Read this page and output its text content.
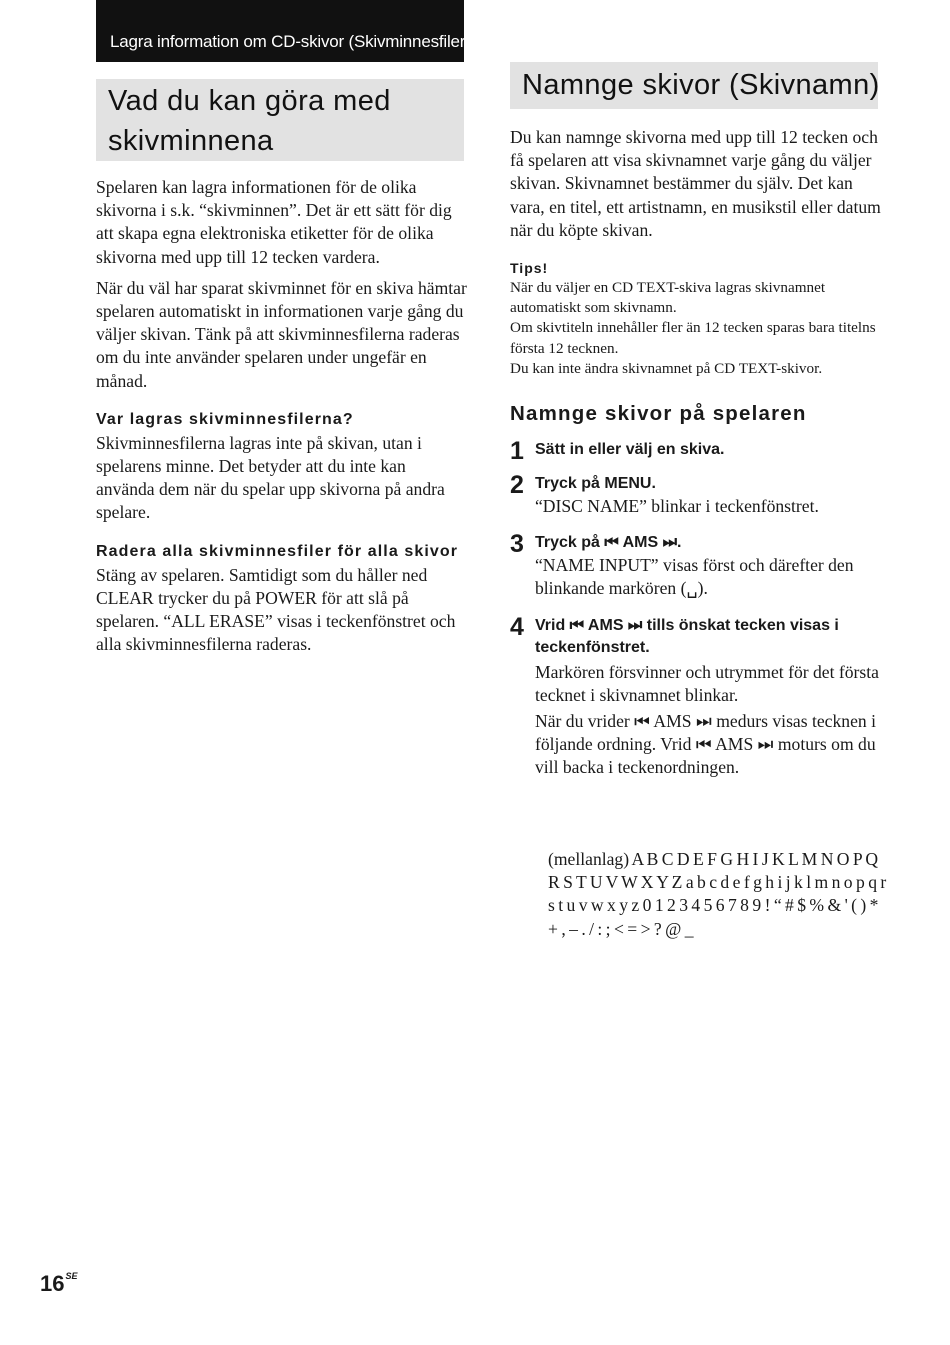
Lagra information om CD-skivor (Skivminnesfiler)
Vad du kan göra med skivminnena

Spelaren kan lagra informationen för de olika skivorna i s.k. “skivminnen”. Det är ett sätt för dig att skapa egna elektroniska etiketter för de olika skivorna med upp till 12 tecken vardera.

När du väl har sparat skivminnet för en skiva hämtar spelaren automatiskt in informationen varje gång du väljer skivan. Tänk på att skivminnesfilerna raderas om du inte använder spelaren under ungefär en månad.

Var lagras skivminnesfilerna?

Skivminnesfilerna lagras inte på skivan, utan i spelarens minne. Det betyder att du inte kan använda dem när du spelar upp skivorna på andra spelare.

Radera alla skivminnesfiler för alla skivor

Stäng av spelaren. Samtidigt som du håller ned CLEAR trycker du på POWER för att slå på spelaren. “ALL ERASE” visas i teckenfönstret och alla skivminnesfilerna raderas.

Namnge skivor (Skivnamn)

Du kan namnge skivorna med upp till 12 tecken och få spelaren att visa skivnamnet varje gång du väljer skivan. Skivnamnet bestämmer du själv. Det kan vara, en titel, ett artistnamn, en musikstil eller datum när du köpte skivan.

Tips!

När du väljer en CD TEXT-skiva lagras skivnamnet automatiskt som skivnamn.

Om skivtiteln innehåller fler än 12 tecken sparas bara titelns första 12 tecknen.

Du kan inte ändra skivnamnet på CD TEXT-skivor.

Namnge skivor på spelaren
1 Sätt in eller välj en skiva.
2 Tryck på MENU.

“DISC NAME” blinkar i teckenfönstret.

3 Tryck på ⏮ AMS ⏭.

“NAME INPUT” visas först och därefter den blinkande markören (␣).

4 Vrid ⏮ AMS ⏭ tills önskat tecken visas i teckenfönstret.

Markören försvinner och utrymmet för det första tecknet i skivnamnet blinkar.

När du vrider ⏮ AMS ⏭ medurs visas tecknen i följande ordning. Vrid ⏮ AMS ⏭ moturs om du vill backa i teckenordningen.

(mellanlag) A B C D E F G H I J K L M N O P Q R S T U V W X Y Z a b c d e f g h i j k l m n o p q r s t u v w x y z 0 1 2 3 4 5 6 7 8 9 ! “ # $ % & ' ( ) * + , – . / : ; < = > ? @ _

$16^{SE}$
